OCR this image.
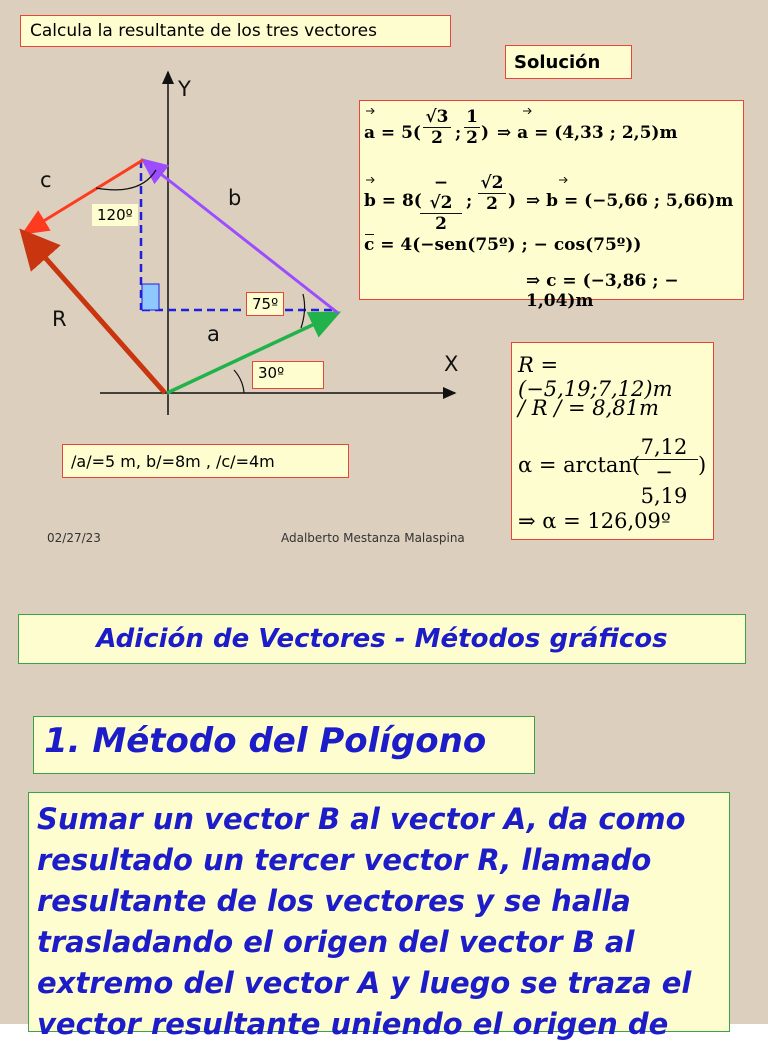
Calcula la resultante de los tres vectores
Solución
Y
X
c
b
R
a
120º
75º
30º
/a/=5 m, b/=8m , /c/=4m
a = 5(
√3
2 ;
1
2 ) ⇒ a = (4,33 ; 2,5)m
b = 8(
− √2
2
;
√2
2 ) ⇒ b = (−5,66 ; 5,66)m
c = 4(−sen(75º) ; − cos(75º))
⇒ c = (−3,86 ; − 1,04)m
R = (−5,19;7,12)m
/ R / = 8,81m
α = arctan(
$\frac{7,12}{- 5,19}$ )
⇒ α = 126,09º
02/27/23	Adalberto Mestanza Malaspina
Adición de Vectores - Métodos gráficos
1. Método del Polígono
Sumar un vector B al vector A, da como
resultado un tercer vector R, llamado
resultante de los vectores y se halla
trasladando el origen del vector B al
extremo del vector A y luego se traza el
vector resultante uniendo el origen de
